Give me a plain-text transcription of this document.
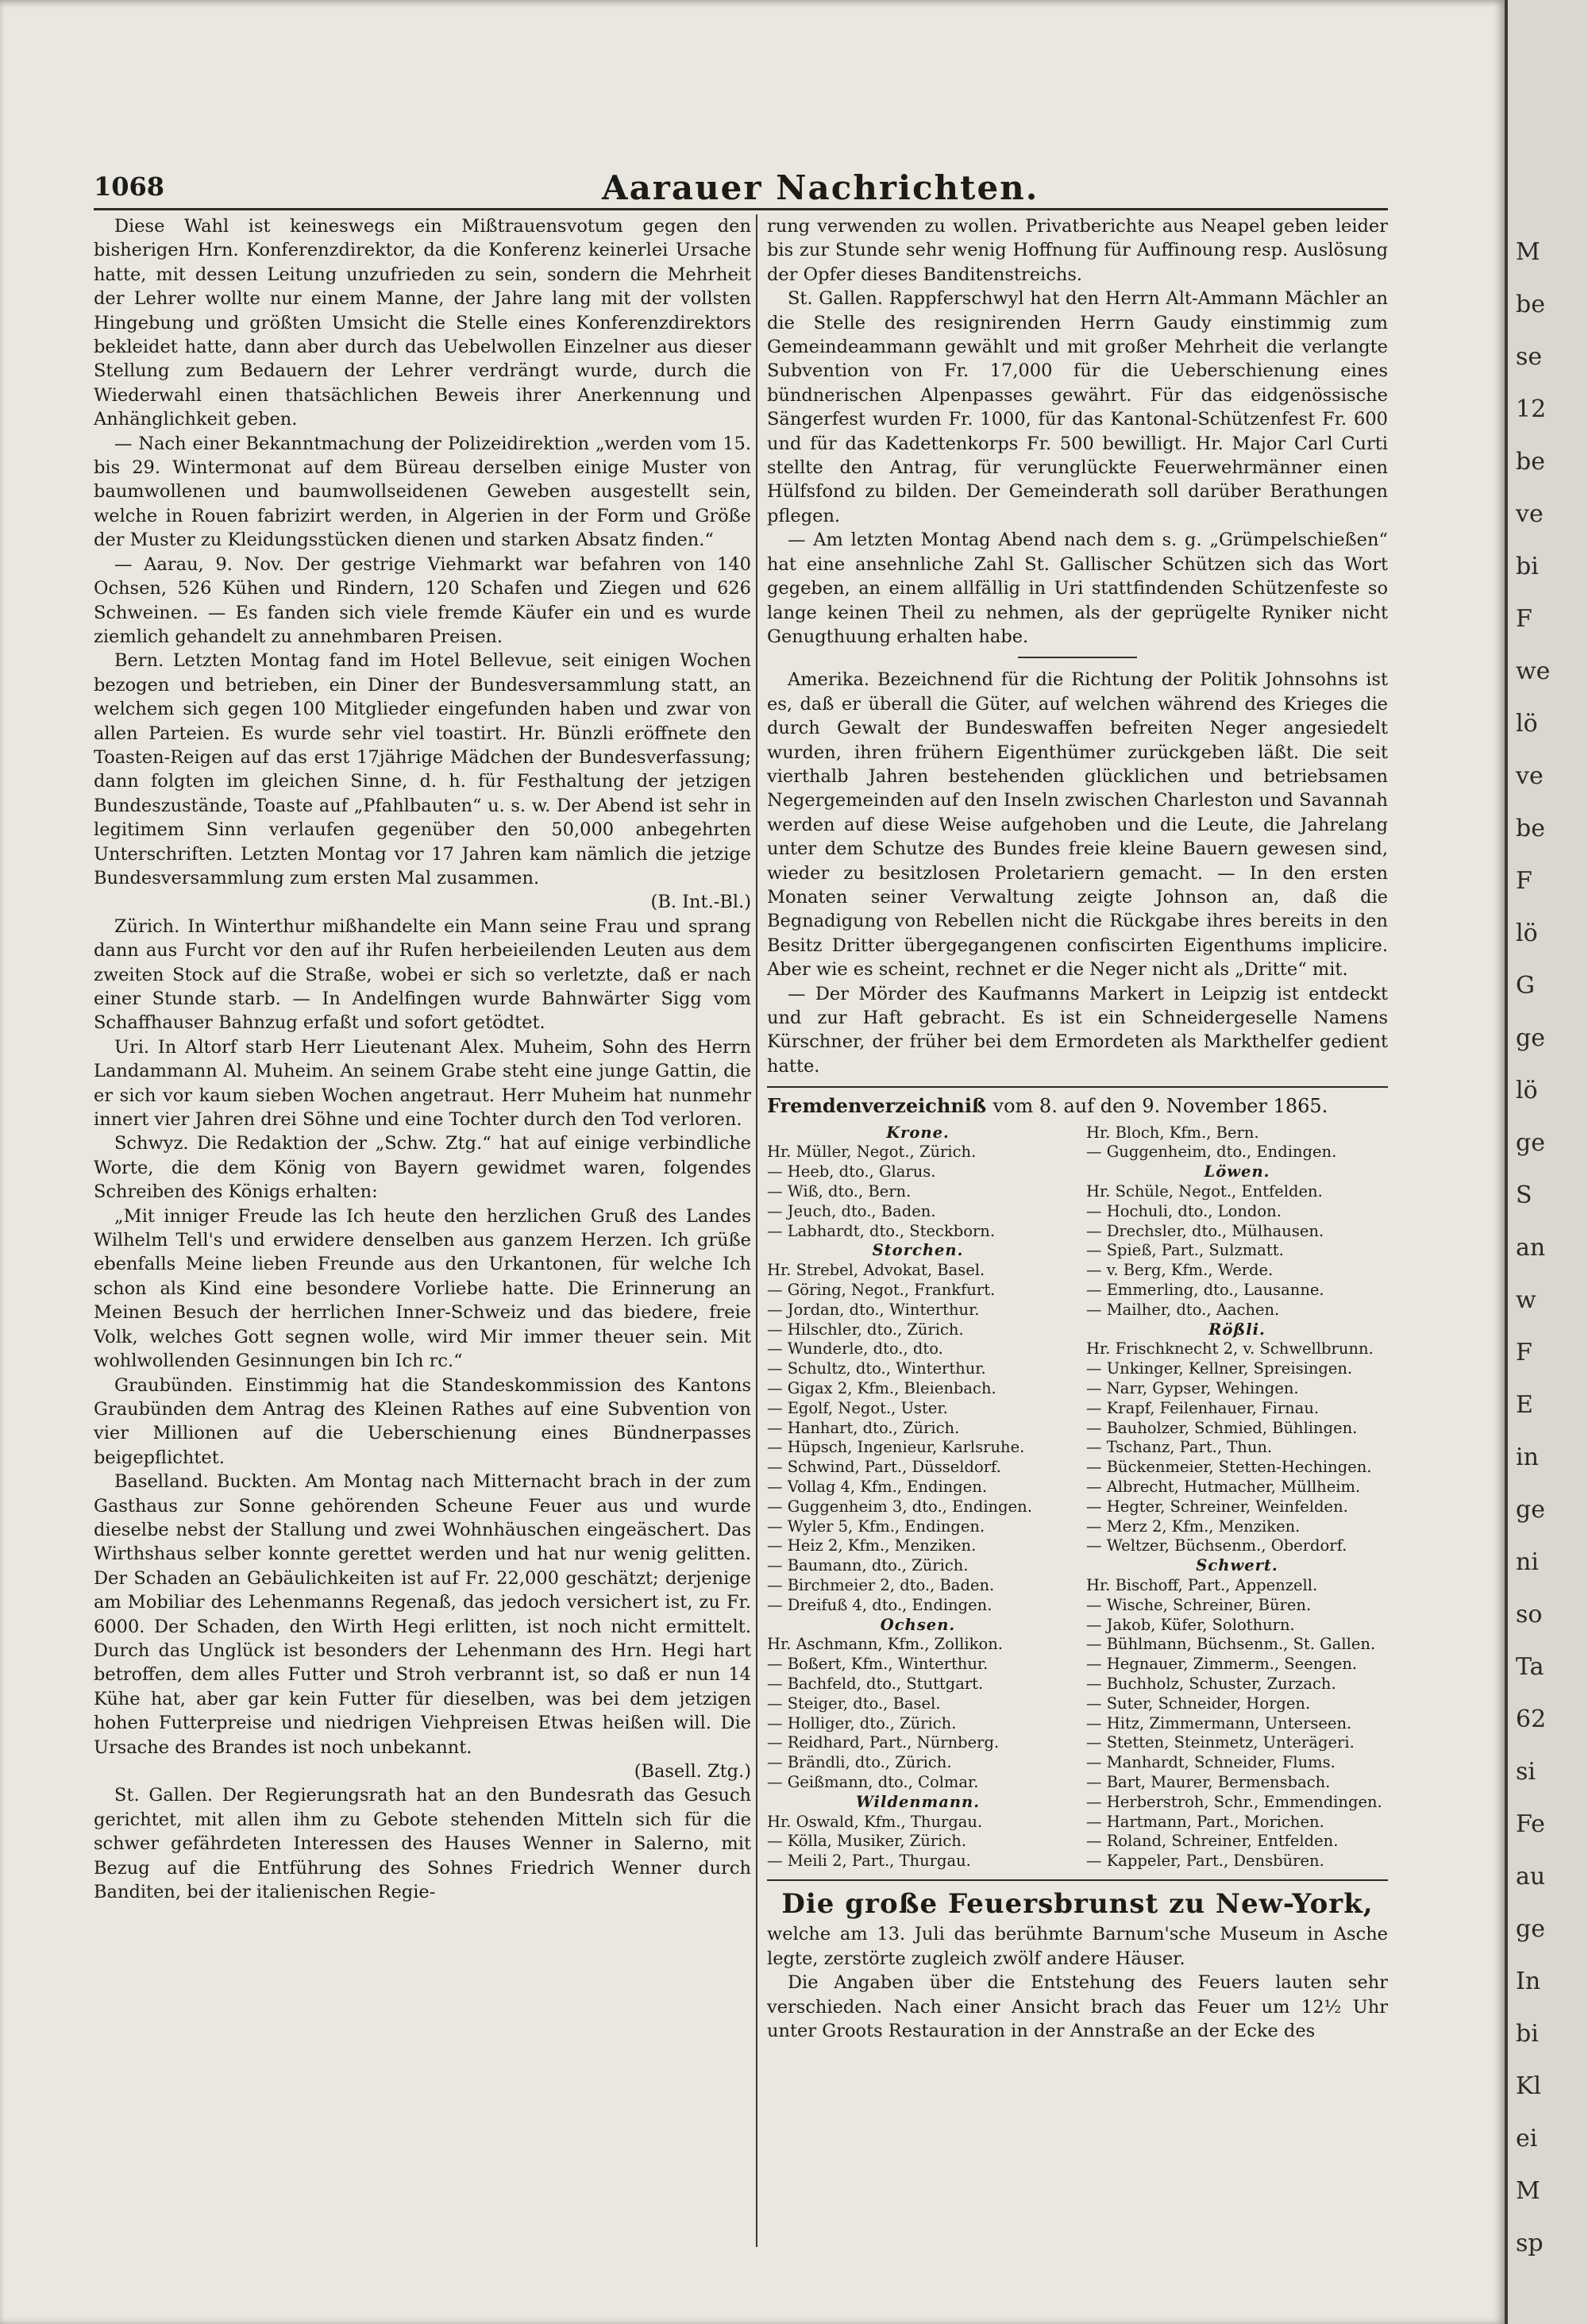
1068	Aarauer Nachrichten.

Diese Wahl ist keineswegs ein Mißtrauensvotum gegen den bisherigen Hrn. Konferenzdirektor, da die Konferenz keinerlei Ursache hatte, mit dessen Leitung unzufrieden zu sein, sondern die Mehrheit der Lehrer wollte nur einem Manne, der Jahre lang mit der vollsten Hingebung und größten Umsicht die Stelle eines Konferenzdirektors bekleidet hatte, dann aber durch das Uebelwollen Einzelner aus dieser Stellung zum Bedauern der Lehrer verdrängt wurde, durch die Wiederwahl einen thatsächlichen Beweis ihrer Anerkennung und Anhänglichkeit geben.

— Nach einer Bekanntmachung der Polizeidirektion „werden vom 15. bis 29. Wintermonat auf dem Büreau derselben einige Muster von baumwollenen und baumwollseidenen Geweben ausgestellt sein, welche in Rouen fabrizirt werden, in Algerien in der Form und Größe der Muster zu Kleidungsstücken dienen und starken Absatz finden.“

— Aarau, 9. Nov. Der gestrige Viehmarkt war befahren von 140 Ochsen, 526 Kühen und Rindern, 120 Schafen und Ziegen und 626 Schweinen. — Es fanden sich viele fremde Käufer ein und es wurde ziemlich gehandelt zu annehmbaren Preisen.

Bern. Letzten Montag fand im Hotel Bellevue, seit einigen Wochen bezogen und betrieben, ein Diner der Bundesversammlung statt, an welchem sich gegen 100 Mitglieder eingefunden haben und zwar von allen Parteien. Es wurde sehr viel toastirt. Hr. Bünzli eröffnete den Toasten-Reigen auf das erst 17jährige Mädchen der Bundesverfassung; dann folgten im gleichen Sinne, d. h. für Festhaltung der jetzigen Bundeszustände, Toaste auf „Pfahlbauten“ u. s. w. Der Abend ist sehr in legitimem Sinn verlaufen gegenüber den 50,000 anbegehrten Unterschriften. Letzten Montag vor 17 Jahren kam nämlich die jetzige Bundesversammlung zum ersten Mal zusammen.

(B. Int.-Bl.)

Zürich. In Winterthur mißhandelte ein Mann seine Frau und sprang dann aus Furcht vor den auf ihr Rufen herbeieilenden Leuten aus dem zweiten Stock auf die Straße, wobei er sich so verletzte, daß er nach einer Stunde starb. — In Andelfingen wurde Bahnwärter Sigg vom Schaffhauser Bahnzug erfaßt und sofort getödtet.

Uri. In Altorf starb Herr Lieutenant Alex. Muheim, Sohn des Herrn Landammann Al. Muheim. An seinem Grabe steht eine junge Gattin, die er sich vor kaum sieben Wochen angetraut. Herr Muheim hat nunmehr innert vier Jahren drei Söhne und eine Tochter durch den Tod verloren.

Schwyz. Die Redaktion der „Schw. Ztg.“ hat auf einige verbindliche Worte, die dem König von Bayern gewidmet waren, folgendes Schreiben des Königs erhalten:

„Mit inniger Freude las Ich heute den herzlichen Gruß des Landes Wilhelm Tell's und erwidere denselben aus ganzem Herzen. Ich grüße ebenfalls Meine lieben Freunde aus den Urkantonen, für welche Ich schon als Kind eine besondere Vorliebe hatte. Die Erinnerung an Meinen Besuch der herrlichen Inner-Schweiz und das biedere, freie Volk, welches Gott segnen wolle, wird Mir immer theuer sein. Mit wohlwollenden Gesinnungen bin Ich rc.“

Graubünden. Einstimmig hat die Standeskommission des Kantons Graubünden dem Antrag des Kleinen Rathes auf eine Subvention von vier Millionen auf die Ueberschienung eines Bündnerpasses beigepflichtet.

Baselland. Buckten. Am Montag nach Mitternacht brach in der zum Gasthaus zur Sonne gehörenden Scheune Feuer aus und wurde dieselbe nebst der Stallung und zwei Wohnhäuschen eingeäschert. Das Wirthshaus selber konnte gerettet werden und hat nur wenig gelitten. Der Schaden an Gebäulichkeiten ist auf Fr. 22,000 geschätzt; derjenige am Mobiliar des Lehenmanns Regenaß, das jedoch versichert ist, zu Fr. 6000. Der Schaden, den Wirth Hegi erlitten, ist noch nicht ermittelt. Durch das Unglück ist besonders der Lehenmann des Hrn. Hegi hart betroffen, dem alles Futter und Stroh verbrannt ist, so daß er nun 14 Kühe hat, aber gar kein Futter für dieselben, was bei dem jetzigen hohen Futterpreise und niedrigen Viehpreisen Etwas heißen will. Die Ursache des Brandes ist noch unbekannt.

(Basell. Ztg.)

St. Gallen. Der Regierungsrath hat an den Bundesrath das Gesuch gerichtet, mit allen ihm zu Gebote stehenden Mitteln sich für die schwer gefährdeten Interessen des Hauses Wenner in Salerno, mit Bezug auf die Entführung des Sohnes Friedrich Wenner durch Banditen, bei der italienischen Regie-

rung verwenden zu wollen. Privatberichte aus Neapel geben leider bis zur Stunde sehr wenig Hoffnung für Auffinoung resp. Auslösung der Opfer dieses Banditenstreichs.

St. Gallen. Rappferschwyl hat den Herrn Alt-Ammann Mächler an die Stelle des resignirenden Herrn Gaudy einstimmig zum Gemeindeammann gewählt und mit großer Mehrheit die verlangte Subvention von Fr. 17,000 für die Ueberschienung eines bündnerischen Alpenpasses gewährt. Für das eidgenössische Sängerfest wurden Fr. 1000, für das Kantonal-Schützenfest Fr. 600 und für das Kadettenkorps Fr. 500 bewilligt. Hr. Major Carl Curti stellte den Antrag, für verunglückte Feuerwehrmänner einen Hülfsfond zu bilden. Der Gemeinderath soll darüber Berathungen pflegen.

— Am letzten Montag Abend nach dem s. g. „Grümpelschießen“ hat eine ansehnliche Zahl St. Gallischer Schützen sich das Wort gegeben, an einem allfällig in Uri stattfindenden Schützenfeste so lange keinen Theil zu nehmen, als der geprügelte Ryniker nicht Genugthuung erhalten habe.

Amerika. Bezeichnend für die Richtung der Politik Johnsohns ist es, daß er überall die Güter, auf welchen während des Krieges die durch Gewalt der Bundeswaffen befreiten Neger angesiedelt wurden, ihren frühern Eigenthümer zurückgeben läßt. Die seit vierthalb Jahren bestehenden glücklichen und betriebsamen Negergemeinden auf den Inseln zwischen Charleston und Savannah werden auf diese Weise aufgehoben und die Leute, die Jahrelang unter dem Schutze des Bundes freie kleine Bauern gewesen sind, wieder zu besitzlosen Proletariern gemacht. — In den ersten Monaten seiner Verwaltung zeigte Johnson an, daß die Begnadigung von Rebellen nicht die Rückgabe ihres bereits in den Besitz Dritter übergegangenen confiscirten Eigenthums implicire. Aber wie es scheint, rechnet er die Neger nicht als „Dritte“ mit.

— Der Mörder des Kaufmanns Markert in Leipzig ist entdeckt und zur Haft gebracht. Es ist ein Schneidergeselle Namens Kürschner, der früher bei dem Ermordeten als Markthelfer gedient hatte.

Fremdenverzeichniß vom 8. auf den 9. November 1865.
Krone.
Hr. Müller, Negot., Zürich.
— Heeb, dto., Glarus.
— Wiß, dto., Bern.
— Jeuch, dto., Baden.
— Labhardt, dto., Steckborn.
Storchen.
Hr. Strebel, Advokat, Basel.
— Göring, Negot., Frankfurt.
— Jordan, dto., Winterthur.
— Hilschler, dto., Zürich.
— Wunderle, dto., dto.
— Schultz, dto., Winterthur.
— Gigax 2, Kfm., Bleienbach.
— Egolf, Negot., Uster.
— Hanhart, dto., Zürich.
— Hüpsch, Ingenieur, Karlsruhe.
— Schwind, Part., Düsseldorf.
— Vollag 4, Kfm., Endingen.
— Guggenheim 3, dto., Endingen.
— Wyler 5, Kfm., Endingen.
— Heiz 2, Kfm., Menziken.
— Baumann, dto., Zürich.
— Birchmeier 2, dto., Baden.
— Dreifuß 4, dto., Endingen.
Ochsen.
Hr. Aschmann, Kfm., Zollikon.
— Boßert, Kfm., Winterthur.
— Bachfeld, dto., Stuttgart.
— Steiger, dto., Basel.
— Holliger, dto., Zürich.
— Reidhard, Part., Nürnberg.
— Brändli, dto., Zürich.
— Geißmann, dto., Colmar.
Wildenmann.
Hr. Oswald, Kfm., Thurgau.
— Kölla, Musiker, Zürich.
— Meili 2, Part., Thurgau.
Hr. Bloch, Kfm., Bern.
— Guggenheim, dto., Endingen.
Löwen.
Hr. Schüle, Negot., Entfelden.
— Hochuli, dto., London.
— Drechsler, dto., Mülhausen.
— Spieß, Part., Sulzmatt.
— v. Berg, Kfm., Werde.
— Emmerling, dto., Lausanne.
— Mailher, dto., Aachen.
Rößli.
Hr. Frischknecht 2, v. Schwellbrunn.
— Unkinger, Kellner, Spreisingen.
— Narr, Gypser, Wehingen.
— Krapf, Feilenhauer, Firnau.
— Bauholzer, Schmied, Bühlingen.
— Tschanz, Part., Thun.
— Bückenmeier, Stetten-Hechingen.
— Albrecht, Hutmacher, Müllheim.
— Hegter, Schreiner, Weinfelden.
— Merz 2, Kfm., Menziken.
— Weltzer, Büchsenm., Oberdorf.
Schwert.
Hr. Bischoff, Part., Appenzell.
— Wische, Schreiner, Büren.
— Jakob, Küfer, Solothurn.
— Bühlmann, Büchsenm., St. Gallen.
— Hegnauer, Zimmerm., Seengen.
— Buchholz, Schuster, Zurzach.
— Suter, Schneider, Horgen.
— Hitz, Zimmermann, Unterseen.
— Stetten, Steinmetz, Unterägeri.
— Manhardt, Schneider, Flums.
— Bart, Maurer, Bermensbach.
— Herberstroh, Schr., Emmendingen.
— Hartmann, Part., Morichen.
— Roland, Schreiner, Entfelden.
— Kappeler, Part., Densbüren.
Die große Feuersbrunst zu New-York,

welche am 13. Juli das berühmte Barnum'sche Museum in Asche legte, zerstörte zugleich zwölf andere Häuser.

Die Angaben über die Entstehung des Feuers lauten sehr verschieden. Nach einer Ansicht brach das Feuer um 12½ Uhr unter Groots Restauration in der Annstraße an der Ecke des

M
be
se
12
be
ve
bi
F
we
lö
ve
be
F
lö
G
ge
lö
ge
S
an
w
F
E
in
ge
ni
so
Ta
62
si
Fe
au
ge
In
bi
Kl
ei
M
sp
